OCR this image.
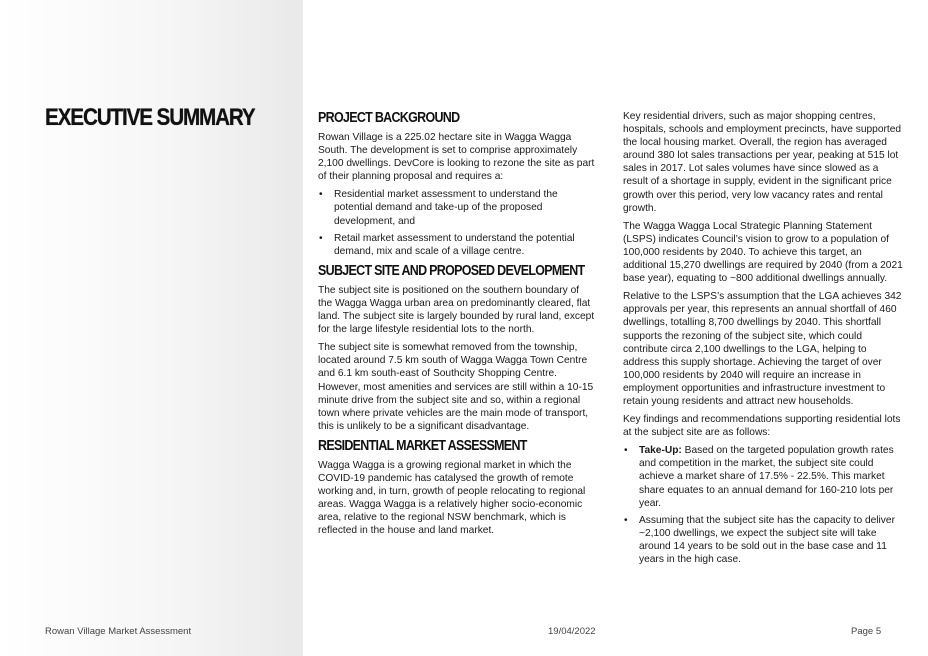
EXECUTIVE SUMMARY	PROJECT BACKGROUND

Rowan Village is a 225.02 hectare site in Wagga Wagga South. The development is set to comprise approximately 2,100 dwellings. DevCore is looking to rezone the site as part of their planning proposal and requires a:

• Residential market assessment to understand the potential demand and take-up of the proposed development, and
• Retail market assessment to understand the potential demand, mix and scale of a village centre.
SUBJECT SITE AND PROPOSED DEVELOPMENT

The subject site is positioned on the southern boundary of the Wagga Wagga urban area on predominantly cleared, flat land. The subject site is largely bounded by rural land, except for the large lifestyle residential lots to the north.

The subject site is somewhat removed from the township, located around 7.5 km south of Wagga Wagga Town Centre and 6.1 km south-east of Southcity Shopping Centre. However, most amenities and services are still within a 10-15 minute drive from the subject site and so, within a regional town where private vehicles are the main mode of transport, this is unlikely to be a significant disadvantage.

RESIDENTIAL MARKET ASSESSMENT

Wagga Wagga is a growing regional market in which the COVID-19 pandemic has catalysed the growth of remote working and, in turn, growth of people relocating to regional areas. Wagga Wagga is a relatively higher socio-economic area, relative to the regional NSW benchmark, which is reflected in the house and land market.

Key residential drivers, such as major shopping centres, hospitals, schools and employment precincts, have supported the local housing market. Overall, the region has averaged around 380 lot sales transactions per year, peaking at 515 lot sales in 2017. Lot sales volumes have since slowed as a result of a shortage in supply, evident in the significant price growth over this period, very low vacancy rates and rental growth.

The Wagga Wagga Local Strategic Planning Statement (LSPS) indicates Council’s vision to grow to a population of 100,000 residents by 2040. To achieve this target, an additional 15,270 dwellings are required by 2040 (from a 2021 base year), equating to ~800 additional dwellings annually.

Relative to the LSPS’s assumption that the LGA achieves 342 approvals per year, this represents an annual shortfall of 460 dwellings, totalling 8,700 dwellings by 2040. This shortfall supports the rezoning of the subject site, which could contribute circa 2,100 dwellings to the LGA, helping to address this supply shortage. Achieving the target of over 100,000 residents by 2040 will require an increase in employment opportunities and infrastructure investment to retain young residents and attract new households.

Key findings and recommendations supporting residential lots at the subject site are as follows:

• Take-Up: Based on the targeted population growth rates and competition in the market, the subject site could achieve a market share of 17.5% - 22.5%. This market share equates to an annual demand for 160-210 lots per year.
• Assuming that the subject site has the capacity to deliver ~2,100 dwellings, we expect the subject site will take around 14 years to be sold out in the base case and 11 years in the high case.
Rowan Village Market Assessment	19/04/2022	Page 5
